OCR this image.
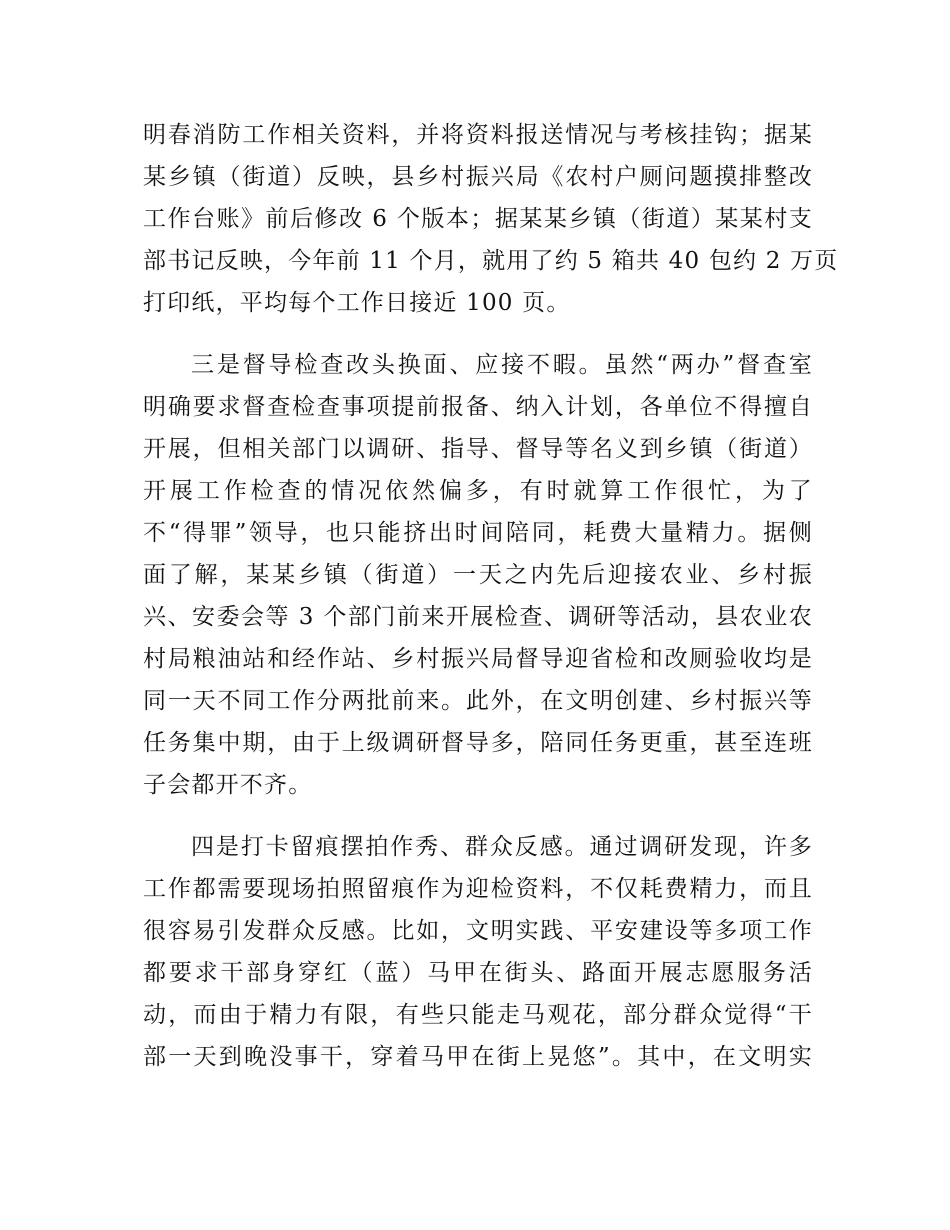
明春消防工作相关资料，并将资料报送情况与考核挂钩；据某
某乡镇（街道）反映，县乡村振兴局《农村户厕问题摸排整改
工作台账》前后修改 6 个版本；据某某乡镇（街道）某某村支
部书记反映，今年前 11 个月，就用了约 5 箱共 40 包约 2 万页
打印纸，平均每个工作日接近 100 页。
三是督导检查改头换面、应接不暇。虽然“两办”督查室
明确要求督查检查事项提前报备、纳入计划，各单位不得擅自
开展，但相关部门以调研、指导、督导等名义到乡镇（街道）
开展工作检查的情况依然偏多，有时就算工作很忙，为了
不“得罪”领导，也只能挤出时间陪同，耗费大量精力。据侧
面了解，某某乡镇（街道）一天之内先后迎接农业、乡村振
兴、安委会等 3 个部门前来开展检查、调研等活动，县农业农
村局粮油站和经作站、乡村振兴局督导迎省检和改厕验收均是
同一天不同工作分两批前来。此外，在文明创建、乡村振兴等
任务集中期，由于上级调研督导多，陪同任务更重，甚至连班
子会都开不齐。
四是打卡留痕摆拍作秀、群众反感。通过调研发现，许多
工作都需要现场拍照留痕作为迎检资料，不仅耗费精力，而且
很容易引发群众反感。比如，文明实践、平安建设等多项工作
都要求干部身穿红（蓝）马甲在街头、路面开展志愿服务活
动，而由于精力有限，有些只能走马观花，部分群众觉得“干
部一天到晚没事干，穿着马甲在街上晃悠”。其中，在文明实
